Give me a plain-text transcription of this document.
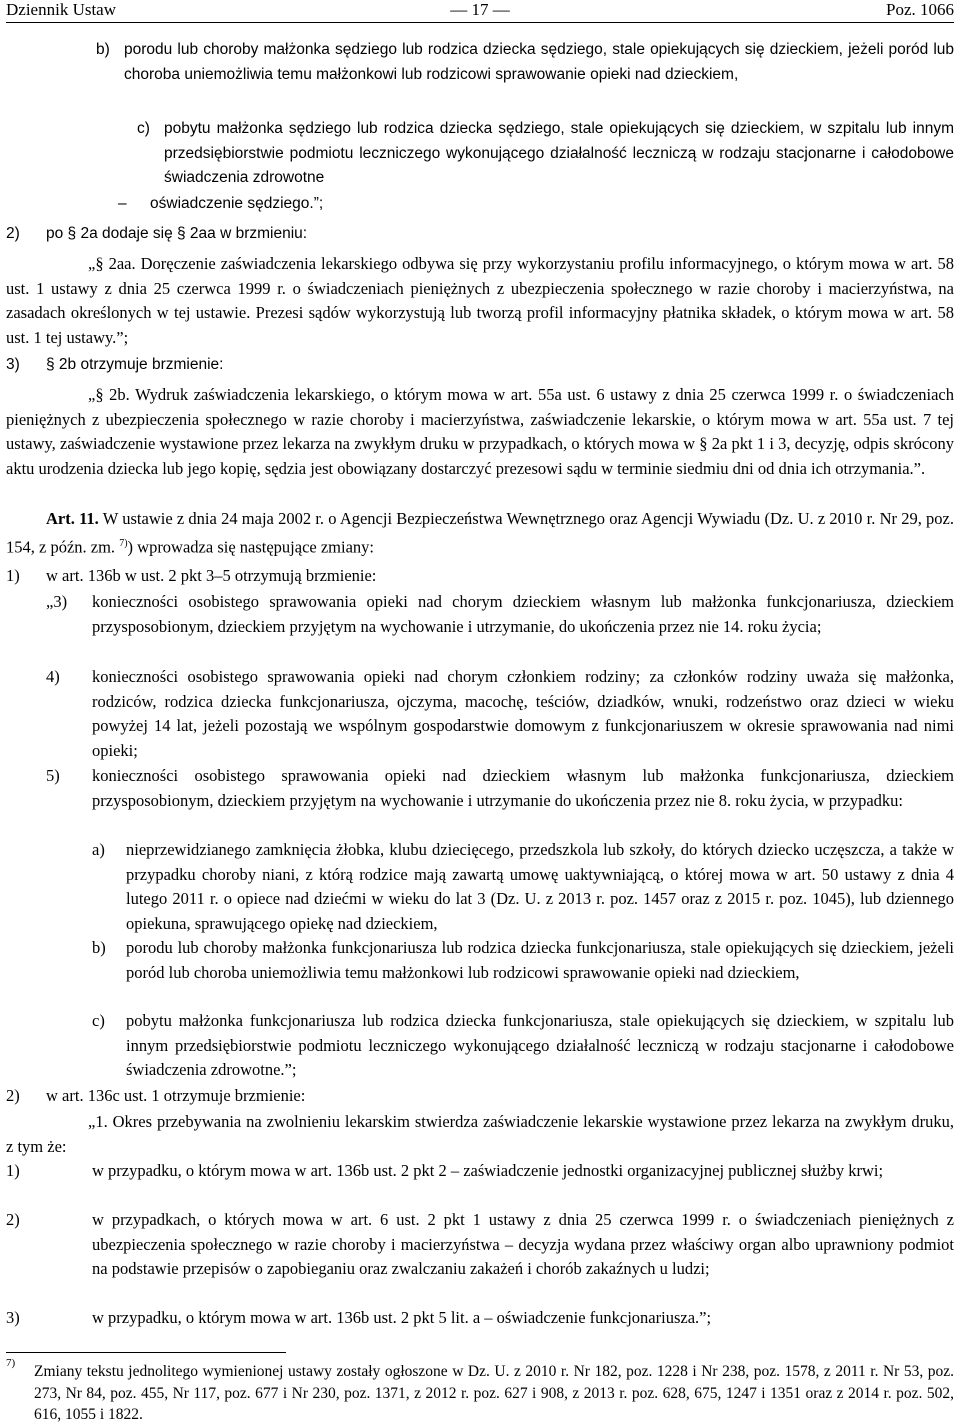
Dziennik Ustaw	— 17 —	Poz. 1066
b) porodu lub choroby małżonka sędziego lub rodzica dziecka sędziego, stale opiekujących się dzieckiem, jeżeli poród lub choroba uniemożliwia temu małżonkowi lub rodzicowi sprawowanie opieki nad dzieckiem,
c) pobytu małżonka sędziego lub rodzica dziecka sędziego, stale opiekujących się dzieckiem, w szpitalu lub innym przedsiębiorstwie podmiotu leczniczego wykonującego działalność leczniczą w rodzaju stacjonarne i całodobowe świadczenia zdrowotne
– oświadczenie sędziego.”;
2) po § 2a dodaje się § 2aa w brzmieniu:
„§ 2aa. Doręczenie zaświadczenia lekarskiego odbywa się przy wykorzystaniu profilu informacyjnego, o którym mowa w art. 58 ust. 1 ustawy z dnia 25 czerwca 1999 r. o świadczeniach pieniężnych z ubezpieczenia społecznego w razie choroby i macierzyństwa, na zasadach określonych w tej ustawie. Prezesi sądów wykorzystują lub tworzą profil informacyjny płatnika składek, o którym mowa w art. 58 ust. 1 tej ustawy.”;
3) § 2b otrzymuje brzmienie:
„§ 2b. Wydruk zaświadczenia lekarskiego, o którym mowa w art. 55a ust. 6 ustawy z dnia 25 czerwca 1999 r. o świadczeniach pieniężnych z ubezpieczenia społecznego w razie choroby i macierzyństwa, zaświadczenie lekarskie, o którym mowa w art. 55a ust. 7 tej ustawy, zaświadczenie wystawione przez lekarza na zwykłym druku w przypadkach, o których mowa w § 2a pkt 1 i 3, decyzję, odpis skrócony aktu urodzenia dziecka lub jego kopię, sędzia jest obowiązany dostarczyć prezesowi sądu w terminie siedmiu dni od dnia ich otrzymania.”.
Art. 11. W ustawie z dnia 24 maja 2002 r. o Agencji Bezpieczeństwa Wewnętrznego oraz Agencji Wywiadu (Dz. U. z 2010 r. Nr 29, poz. 154, z późn. zm. $^{7)}$) wprowadza się następujące zmiany:
1) w art. 136b w ust. 2 pkt 3–5 otrzymują brzmienie:
„3) konieczności osobistego sprawowania opieki nad chorym dzieckiem własnym lub małżonka funkcjonariusza, dzieckiem przysposobionym, dzieckiem przyjętym na wychowanie i utrzymanie, do ukończenia przez nie 14. roku życia;
4) konieczności osobistego sprawowania opieki nad chorym członkiem rodziny; za członków rodziny uważa się małżonka, rodziców, rodzica dziecka funkcjonariusza, ojczyma, macochę, teściów, dziadków, wnuki, rodzeństwo oraz dzieci w wieku powyżej 14 lat, jeżeli pozostają we wspólnym gospodarstwie domowym z funkcjonariuszem w okresie sprawowania nad nimi opieki;
5) konieczności osobistego sprawowania opieki nad dzieckiem własnym lub małżonka funkcjonariusza, dzieckiem przysposobionym, dzieckiem przyjętym na wychowanie i utrzymanie do ukończenia przez nie 8. roku życia, w przypadku:
a) nieprzewidzianego zamknięcia żłobka, klubu dziecięcego, przedszkola lub szkoły, do których dziecko uczęszcza, a także w przypadku choroby niani, z którą rodzice mają zawartą umowę uaktywniającą, o której mowa w art. 50 ustawy z dnia 4 lutego 2011 r. o opiece nad dziećmi w wieku do lat 3 (Dz. U. z 2013 r. poz. 1457 oraz z 2015 r. poz. 1045), lub dziennego opiekuna, sprawującego opiekę nad dzieckiem,
b) porodu lub choroby małżonka funkcjonariusza lub rodzica dziecka funkcjonariusza, stale opiekujących się dzieckiem, jeżeli poród lub choroba uniemożliwia temu małżonkowi lub rodzicowi sprawowanie opieki nad dzieckiem,
c) pobytu małżonka funkcjonariusza lub rodzica dziecka funkcjonariusza, stale opiekujących się dzieckiem, w szpitalu lub innym przedsiębiorstwie podmiotu leczniczego wykonującego działalność leczniczą w rodzaju stacjonarne i całodobowe świadczenia zdrowotne.”;
2) w art. 136c ust. 1 otrzymuje brzmienie:
„1. Okres przebywania na zwolnieniu lekarskim stwierdza zaświadczenie lekarskie wystawione przez lekarza na zwykłym druku, z tym że:
1)	w przypadku, o którym mowa w art. 136b ust. 2 pkt 2 – zaświadczenie jednostki organizacyjnej publicznej służby krwi;
2)	w przypadkach, o których mowa w art. 6 ust. 2 pkt 1 ustawy z dnia 25 czerwca 1999 r. o świadczeniach pieniężnych z ubezpieczenia społecznego w razie choroby i macierzyństwa – decyzja wydana przez właściwy organ albo uprawniony podmiot na podstawie przepisów o zapobieganiu oraz zwalczaniu zakażeń i chorób zakaźnych u ludzi;
3)	w przypadku, o którym mowa w art. 136b ust. 2 pkt 5 lit. a – oświadczenie funkcjonariusza.”;
7) Zmiany tekstu jednolitego wymienionej ustawy zostały ogłoszone w Dz. U. z 2010 r. Nr 182, poz. 1228 i Nr 238, poz. 1578, z 2011 r. Nr 53, poz. 273, Nr 84, poz. 455, Nr 117, poz. 677 i Nr 230, poz. 1371, z 2012 r. poz. 627 i 908, z 2013 r. poz. 628, 675, 1247 i 1351 oraz z 2014 r. poz. 502, 616, 1055 i 1822.
